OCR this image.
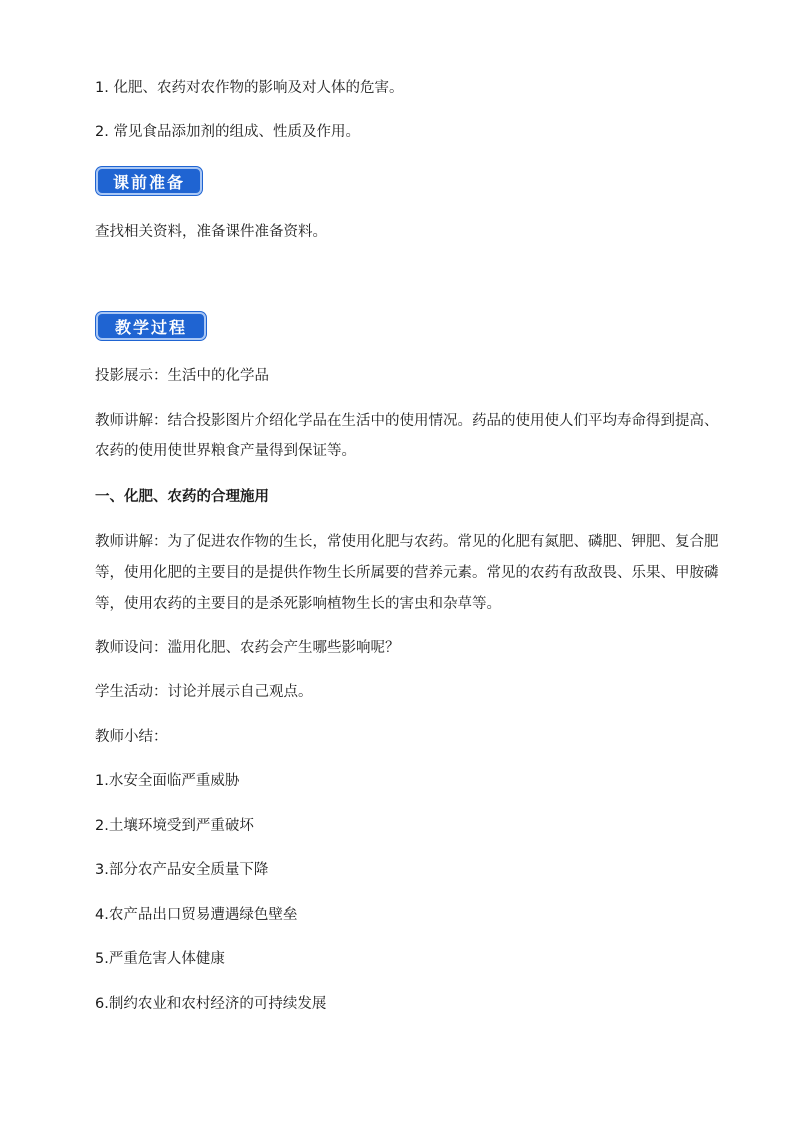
1. 化肥、农药对农作物的影响及对人体的危害。
2. 常见食品添加剂的组成、性质及作用。
课前准备
查找相关资料，准备课件准备资料。
教学过程
投影展示：生活中的化学品
教师讲解：结合投影图片介绍化学品在生活中的使用情况。药品的使用使人们平均寿命得到提高、
农药的使用使世界粮食产量得到保证等。
一、化肥、农药的合理施用
教师讲解：为了促进农作物的生长，常使用化肥与农药。常见的化肥有氮肥、磷肥、钾肥、复合肥
等，使用化肥的主要目的是提供作物生长所属要的营养元素。常见的农药有敌敌畏、乐果、甲胺磷
等，使用农药的主要目的是杀死影响植物生长的害虫和杂草等。
教师设问：滥用化肥、农药会产生哪些影响呢？
学生活动：讨论并展示自己观点。
教师小结：
1.水安全面临严重威胁
2.土壤环境受到严重破坏
3.部分农产品安全质量下降
4.农产品出口贸易遭遇绿色壁垒
5.严重危害人体健康
6.制约农业和农村经济的可持续发展
